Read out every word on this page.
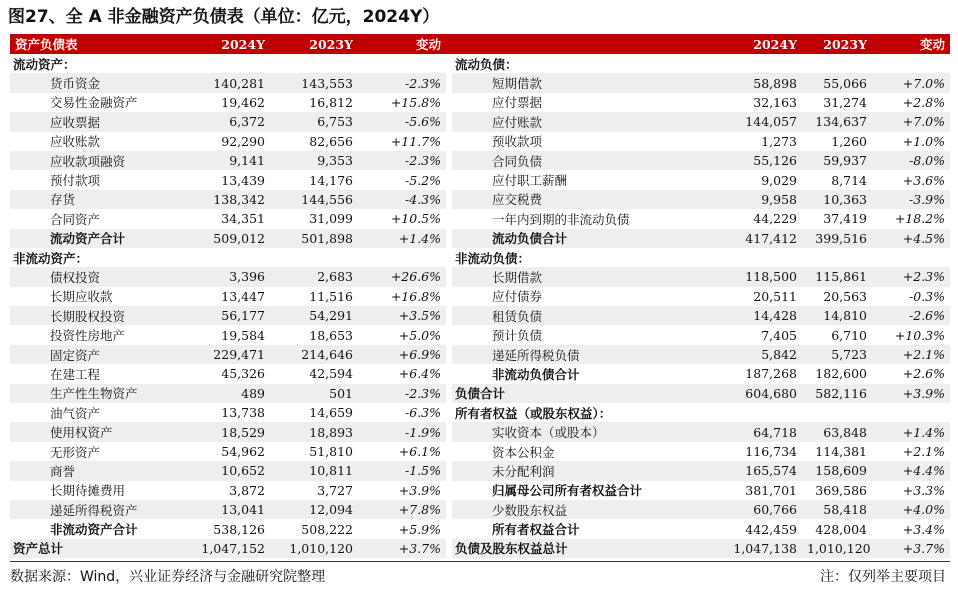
图27、全 A 非金融资产负债表（单位：亿元，2024Y）
资产负债表	2024Y	2023Y	变动			2024Y	2023Y	变动
流动资产：					流动负债：			
货币资金	140,281	143,553	-2.3%		短期借款	58,898	55,066	+7.0%
交易性金融资产	19,462	16,812	+15.8%		应付票据	32,163	31,274	+2.8%
应收票据	6,372	6,753	-5.6%		应付账款	144,057	134,637	+7.0%
应收账款	92,290	82,656	+11.7%		预收款项	1,273	1,260	+1.0%
应收款项融资	9,141	9,353	-2.3%		合同负债	55,126	59,937	-8.0%
预付款项	13,439	14,176	-5.2%		应付职工薪酬	9,029	8,714	+3.6%
存货	138,342	144,556	-4.3%		应交税费	9,958	10,363	-3.9%
合同资产	34,351	31,099	+10.5%		一年内到期的非流动负债	44,229	37,419	+18.2%
流动资产合计	509,012	501,898	+1.4%		流动负债合计	417,412	399,516	+4.5%
非流动资产：					非流动负债：			
债权投资	3,396	2,683	+26.6%		长期借款	118,500	115,861	+2.3%
长期应收款	13,447	11,516	+16.8%		应付债券	20,511	20,563	-0.3%
长期股权投资	56,177	54,291	+3.5%		租赁负债	14,428	14,810	-2.6%
投资性房地产	19,584	18,653	+5.0%		预计负债	7,405	6,710	+10.3%
固定资产	229,471	214,646	+6.9%		递延所得税负债	5,842	5,723	+2.1%
在建工程	45,326	42,594	+6.4%		非流动负债合计	187,268	182,600	+2.6%
生产性生物资产	489	501	-2.3%		负债合计	604,680	582,116	+3.9%
油气资产	13,738	14,659	-6.3%		所有者权益（或股东权益）：			
使用权资产	18,529	18,893	-1.9%		实收资本（或股本）	64,718	63,848	+1.4%
无形资产	54,962	51,810	+6.1%		资本公积金	116,734	114,381	+2.1%
商誉	10,652	10,811	-1.5%		未分配利润	165,574	158,609	+4.4%
长期待摊费用	3,872	3,727	+3.9%		归属母公司所有者权益合计	381,701	369,586	+3.3%
递延所得税资产	13,041	12,094	+7.8%		少数股东权益	60,766	58,418	+4.0%
非流动资产合计	538,126	508,222	+5.9%		所有者权益合计	442,459	428,004	+3.4%
资产总计	1,047,152	1,010,120	+3.7%		负债及股东权益总计	1,047,138	1,010,120	+3.7%
数据来源：Wind，兴业证券经济与金融研究院整理	注：仅列举主要项目
